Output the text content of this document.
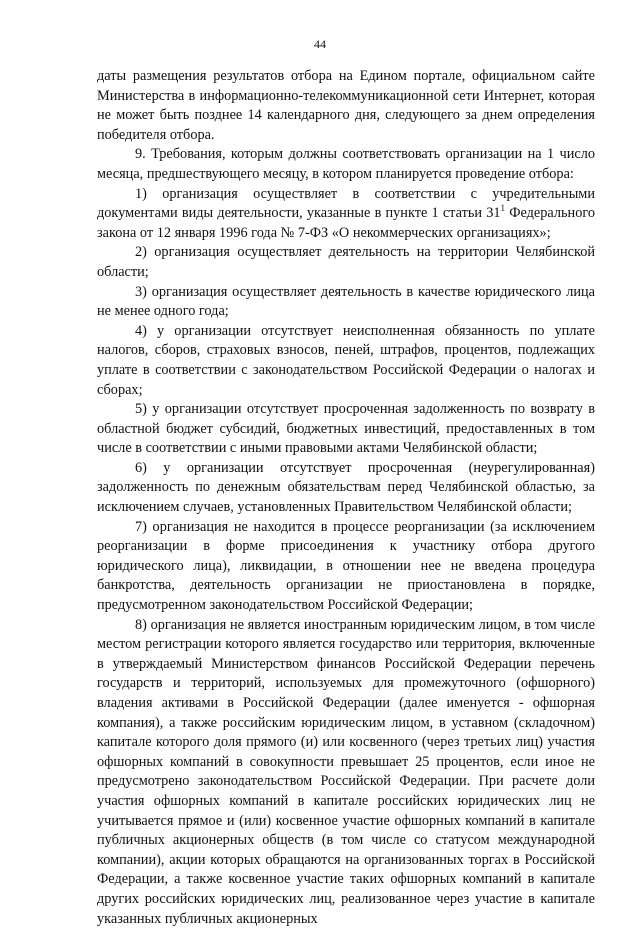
44

даты размещения результатов отбора на Едином портале, официальном сайте Министерства в информационно-телекоммуникационной сети Интернет, которая не может быть позднее 14 календарного дня, следующего за днем определения победителя отбора.

9. Требования, которым должны соответствовать организации на 1 число месяца, предшествующего месяцу, в котором планируется проведение отбора:

1) организация осуществляет в соответствии с учредительными документами виды деятельности, указанные в пункте 1 статьи $31^1$ Федерального закона от 12 января 1996 года № 7-ФЗ «О некоммерческих организациях»;

2) организация осуществляет деятельность на территории Челябинской области;

3) организация осуществляет деятельность в качестве юридического лица не менее одного года;

4) у организации отсутствует неисполненная обязанность по уплате налогов, сборов, страховых взносов, пеней, штрафов, процентов, подлежащих уплате в соответствии с законодательством Российской Федерации о налогах и сборах;

5) у организации отсутствует просроченная задолженность по возврату в областной бюджет субсидий, бюджетных инвестиций, предоставленных в том числе в соответствии с иными правовыми актами Челябинской области;

6) у организации отсутствует просроченная (неурегулированная) задолженность по денежным обязательствам перед Челябинской областью, за исключением случаев, установленных Правительством Челябинской области;

7) организация не находится в процессе реорганизации (за исключением реорганизации в форме присоединения к участнику отбора другого юридического лица), ликвидации, в отношении нее не введена процедура банкротства, деятельность организации не приостановлена в порядке, предусмотренном законодательством Российской Федерации;

8) организация не является иностранным юридическим лицом, в том числе местом регистрации которого является государство или территория, включенные в утверждаемый Министерством финансов Российской Федерации перечень государств и территорий, используемых для промежуточного (офшорного) владения активами в Российской Федерации (далее именуется - офшорная компания), а также российским юридическим лицом, в уставном (складочном) капитале которого доля прямого (и) или косвенного (через третьих лиц) участия офшорных компаний в совокупности превышает 25 процентов, если иное не предусмотрено законодательством Российской Федерации. При расчете доли участия офшорных компаний в капитале российских юридических лиц не учитывается прямое и (или) косвенное участие офшорных компаний в капитале публичных акционерных обществ (в том числе со статусом международной компании), акции которых обращаются на организованных торгах в Российской Федерации, а также косвенное участие таких офшорных компаний в капитале других российских юридических лиц, реализованное через участие в капитале указанных публичных акционерных
